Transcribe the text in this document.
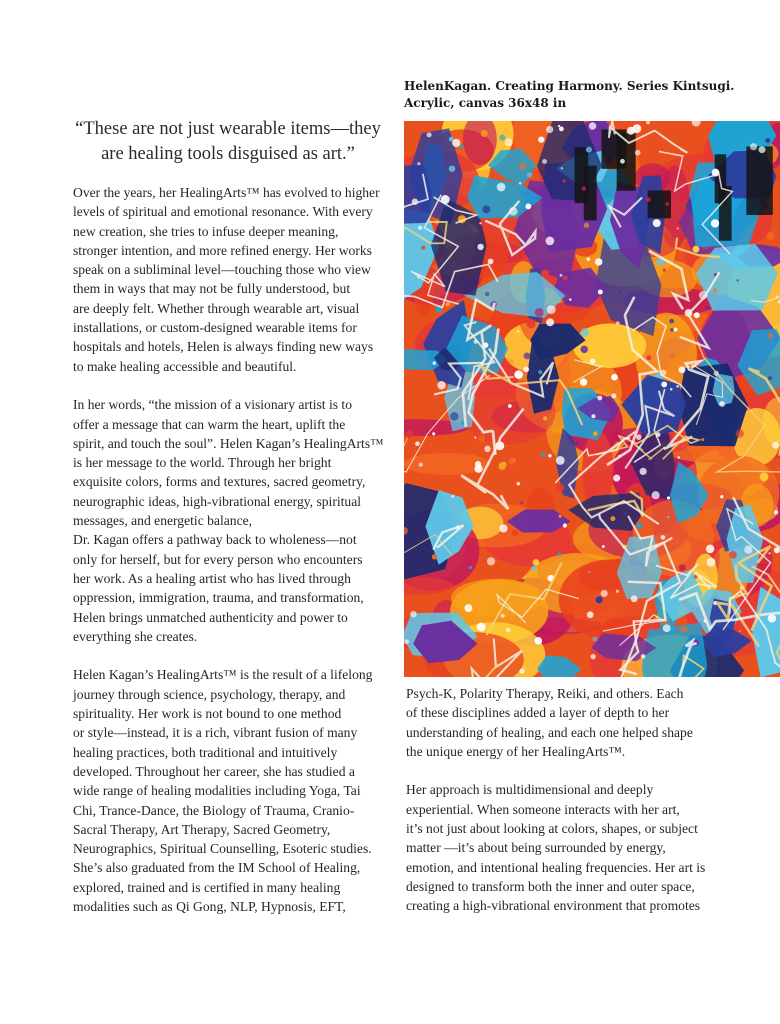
HelenKagan. Creating Harmony. Series Kintsugi.
Acrylic, canvas 36x48 in
“These are not just wearable items—they
are healing tools disguised as art.”

Over the years, her HealingArts™ has evolved to higher
levels of spiritual and emotional resonance. With every
new creation, she tries to infuse deeper meaning,
stronger intention, and more refined energy. Her works
speak on a subliminal level—touching those who view
them in ways that may not be fully understood, but
are deeply felt. Whether through wearable art, visual
installations, or custom-designed wearable items for
hospitals and hotels, Helen is always finding new ways
to make healing accessible and beautiful.

In her words, “the mission of a visionary artist is to
offer a message that can warm the heart, uplift the
spirit, and touch the soul”. Helen Kagan’s HealingArts™
is her message to the world. Through her bright
exquisite colors, forms and textures, sacred geometry,
neurographic ideas, high-vibrational energy, spiritual
messages, and energetic balance,
Dr. Kagan offers a pathway back to wholeness—not
only for herself, but for every person who encounters
her work. As a healing artist who has lived through
oppression, immigration, trauma, and transformation,
Helen brings unmatched authenticity and power to
everything she creates.

Helen Kagan’s HealingArts™ is the result of a lifelong
journey through science, psychology, therapy, and
spirituality. Her work is not bound to one method
or style—instead, it is a rich, vibrant fusion of many
healing practices, both traditional and intuitively
developed. Throughout her career, she has studied a
wide range of healing modalities including Yoga, Tai
Chi, Trance-Dance, the Biology of Trauma, Cranio-
Sacral Therapy, Art Therapy, Sacred Geometry,
Neurographics, Spiritual Counselling, Esoteric studies.
She’s also graduated from the IM School of Healing,
explored, trained and is certified in many healing
modalities such as Qi Gong, NLP, Hypnosis, EFT,

Psych-K, Polarity Therapy, Reiki, and others. Each
of these disciplines added a layer of depth to her
understanding of healing, and each one helped shape
the unique energy of her HealingArts™.

Her approach is multidimensional and deeply
experiential. When someone interacts with her art,
it’s not just about looking at colors, shapes, or subject
matter —it’s about being surrounded by energy,
emotion, and intentional healing frequencies. Her art is
designed to transform both the inner and outer space,
creating a high-vibrational environment that promotes
